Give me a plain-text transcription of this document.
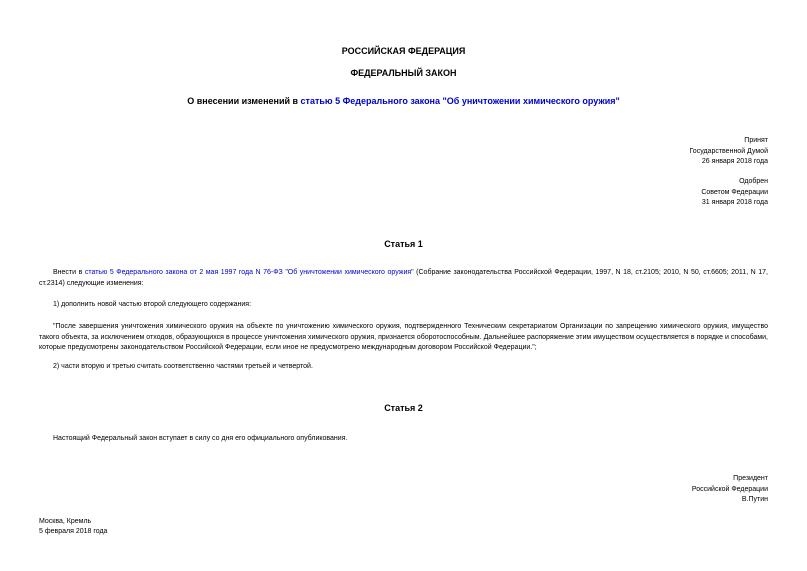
РОССИЙСКАЯ ФЕДЕРАЦИЯ
ФЕДЕРАЛЬНЫЙ ЗАКОН
О внесении изменений в статью 5 Федерального закона "Об уничтожении химического оружия"
Принят
Государственной Думой
26 января 2018 года
Одобрен
Советом Федерации
31 января 2018 года
Статья 1
Внести в статью 5 Федерального закона от 2 мая 1997 года N 76-ФЗ "Об уничтожении химического оружия" (Собрание законодательства Российской Федерации, 1997, N 18, ст.2105; 2010, N 50, ст.6605; 2011, N 17, ст.2314) следующие изменения:
1) дополнить новой частью второй следующего содержания:
"После завершения уничтожения химического оружия на объекте по уничтожению химического оружия, подтвержденного Техническим секретариатом Организации по запрещению химического оружия, имущество такого объекта, за исключением отходов, образующихся в процессе уничтожения химического оружия, признается оборотоспособным. Дальнейшее распоряжение этим имуществом осуществляется в порядке и способами, которые предусмотрены законодательством Российской Федерации, если иное не предусмотрено международным договором Российской Федерации.";
2) части вторую и третью считать соответственно частями третьей и четвертой.
Статья 2
Настоящий Федеральный закон вступает в силу со дня его официального опубликования.
Президент
Российской Федерации
В.Путин
Москва, Кремль
5 февраля 2018 года
